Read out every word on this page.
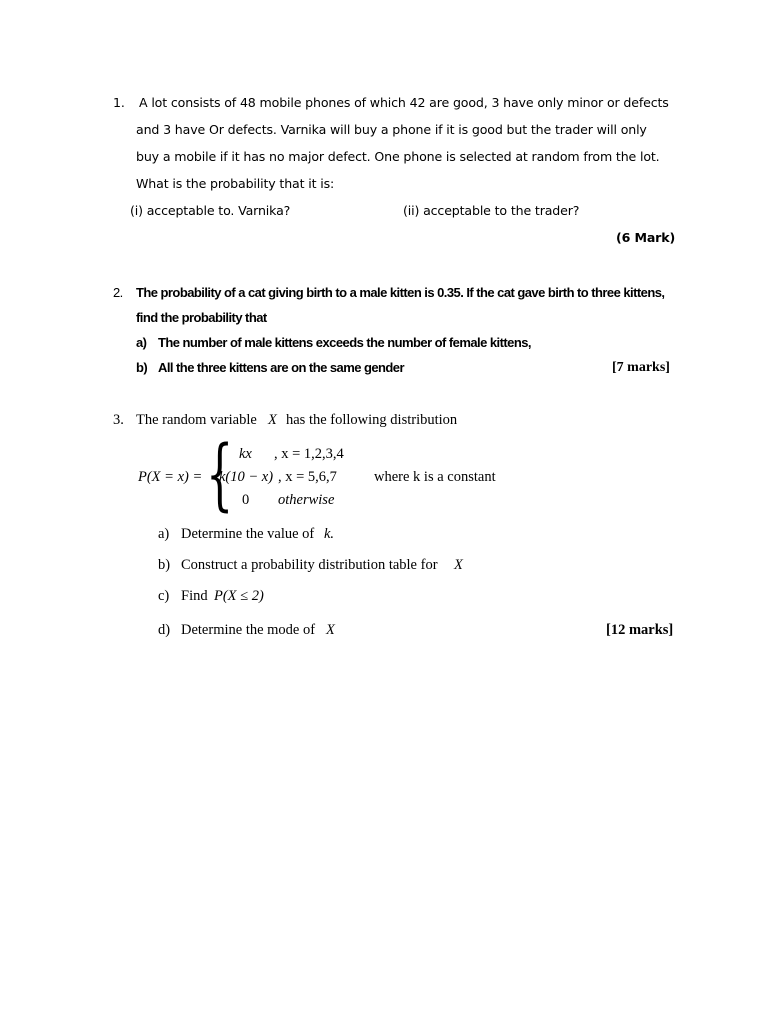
1. A lot consists of 48 mobile phones of which 42 are good, 3 have only minor or defects
and 3 have Or defects. Varnika will buy a phone if it is good but the trader will only
buy a mobile if it has no major defect. One phone is selected at random from the lot.
What is the probability that it is:
(i) acceptable to. Varnika?	(ii) acceptable to the trader?
(6 Mark)
2. The probability of a cat giving birth to a male kitten is 0.35. If the cat gave birth to three kittens,
find the probability that
a) The number of male kittens exceeds the number of female kittens,
b) All the three kittens are on the same gender	[7 marks]
3. The random variable X has the following distribution
P(X = x) = { kx , x = 1,2,3,4
k(10 − x) , x = 5,6,7
0 otherwise
where k is a constant
a) Determine the value of k.
b) Construct a probability distribution table for X
c) Find P(X ≤ 2)
d) Determine the mode of X	[12 marks]
